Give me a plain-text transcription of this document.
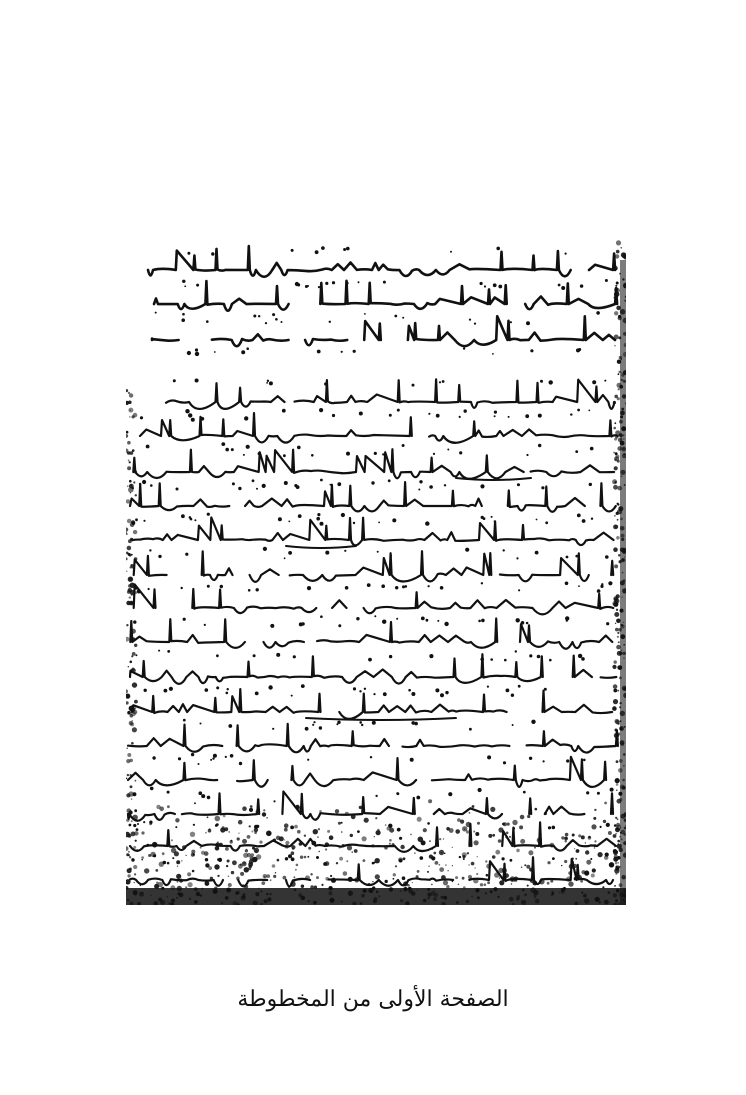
الصفحة الأولى من المخطوطة
